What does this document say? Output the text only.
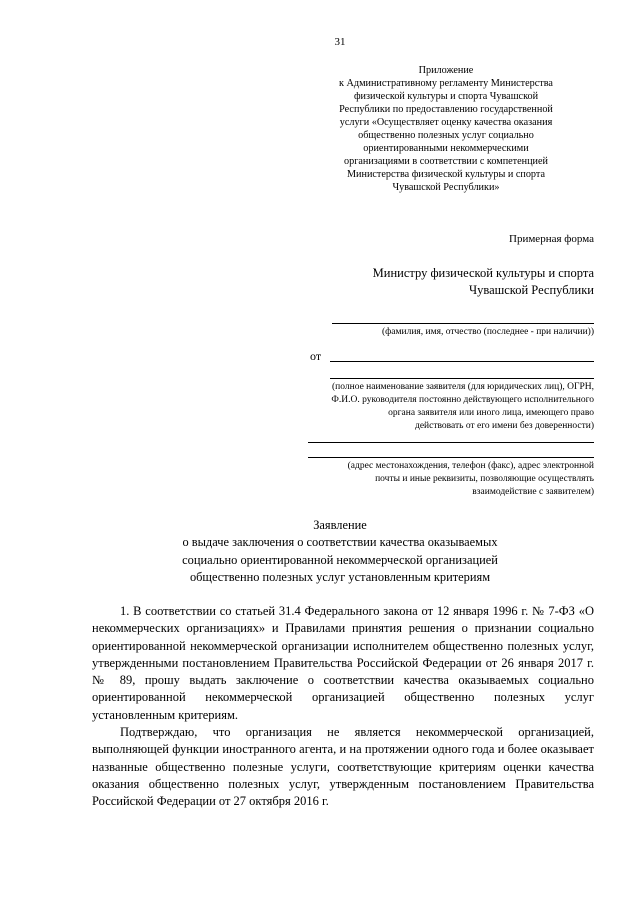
31
Приложение
к Административному регламенту Министерства
физической культуры и спорта Чувашской
Республики по предоставлению государственной
услуги «Осуществляет оценку качества оказания
общественно полезных услуг социально
ориентированными некоммерческими
организациями в соответствии с компетенцией
Министерства физической культуры и спорта
Чувашской Республики»
Примерная форма
Министру физической культуры и спорта
Чувашской Республики
(фамилия, имя, отчество (последнее - при наличии))
от
(полное наименование заявителя (для юридических лиц), ОГРН,
Ф.И.О. руководителя постоянно действующего исполнительного
органа заявителя или иного лица, имеющего право
действовать от его имени без доверенности)
(адрес местонахождения, телефон (факс), адрес электронной
почты и иные реквизиты, позволяющие осуществлять
взаимодействие с заявителем)
Заявление
о выдаче заключения о соответствии качества оказываемых
социально ориентированной некоммерческой организацией
общественно полезных услуг установленным критериям

1. В соответствии со статьей 31.4 Федерального закона от 12 января 1996 г. № 7-ФЗ «О некоммерческих организациях» и Правилами принятия решения о признании социально ориентированной некоммерческой организации исполнителем общественно полезных услуг, утвержденными постановлением Правительства Российской Федерации от 26 января 2017 г. № 89, прошу выдать заключение о соответствии качества оказываемых социально ориентированной некоммерческой организацией общественно полезных услуг установленным критериям.

Подтверждаю, что организация не является некоммерческой организацией, выполняющей функции иностранного агента, и на протяжении одного года и более оказывает названные общественно полезные услуги, соответствующие критериям оценки качества оказания общественно полезных услуг, утвержденным постановлением Правительства Российской Федерации от 27 октября 2016 г.
